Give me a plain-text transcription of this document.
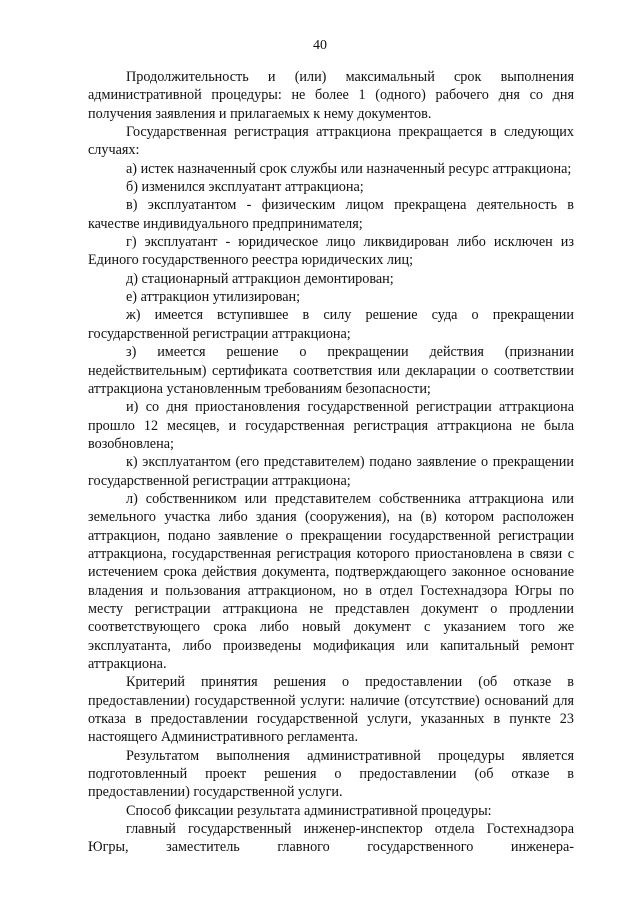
40

Продолжительность и (или) максимальный срок выполнения административной процедуры: не более 1 (одного) рабочего дня со дня получения заявления и прилагаемых к нему документов.

Государственная регистрация аттракциона прекращается в следующих случаях:

а) истек назначенный срок службы или назначенный ресурс аттракциона;

б) изменился эксплуатант аттракциона;

в) эксплуатантом - физическим лицом прекращена деятельность в качестве индивидуального предпринимателя;

г) эксплуатант - юридическое лицо ликвидирован либо исключен из Единого государственного реестра юридических лиц;

д) стационарный аттракцион демонтирован;

е) аттракцион утилизирован;

ж) имеется вступившее в силу решение суда о прекращении государственной регистрации аттракциона;

з) имеется решение о прекращении действия (признании недействительным) сертификата соответствия или декларации о соответствии аттракциона установленным требованиям безопасности;

и) со дня приостановления государственной регистрации аттракциона прошло 12 месяцев, и государственная регистрация аттракциона не была возобновлена;

к) эксплуатантом (его представителем) подано заявление о прекращении государственной регистрации аттракциона;

л) собственником или представителем собственника аттракциона или земельного участка либо здания (сооружения), на (в) котором расположен аттракцион, подано заявление о прекращении государственной регистрации аттракциона, государственная регистрация которого приостановлена в связи с истечением срока действия документа, подтверждающего законное основание владения и пользования аттракционом, но в отдел Гостехнадзора Югры по месту регистрации аттракциона не представлен документ о продлении соответствующего срока либо новый документ с указанием того же эксплуатанта, либо произведены модификация или капитальный ремонт аттракциона.

Критерий принятия решения о предоставлении (об отказе в предоставлении) государственной услуги: наличие (отсутствие) оснований для отказа в предоставлении государственной услуги, указанных в пункте 23 настоящего Административного регламента.

Результатом выполнения административной процедуры является подготовленный проект решения о предоставлении (об отказе в предоставлении) государственной услуги.

Способ фиксации результата административной процедуры:

главный государственный инженер-инспектор отдела Гостехнадзора Югры, заместитель главного государственного инженера-
